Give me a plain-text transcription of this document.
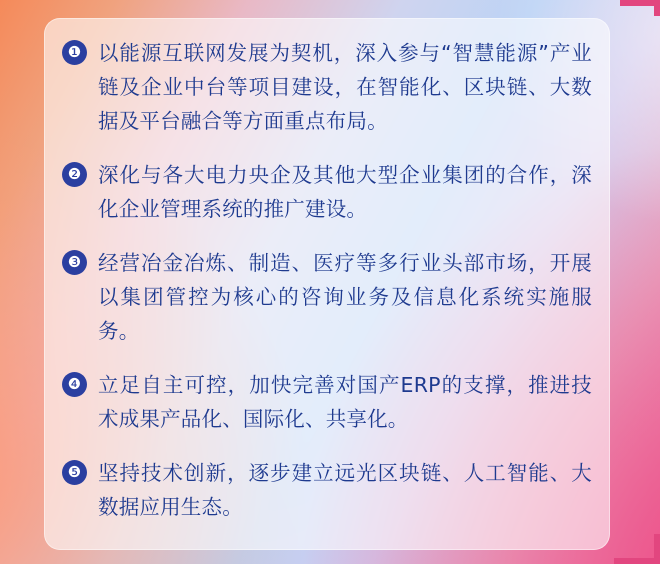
❶ 以能源互联网发展为契机，深入参与“智慧能源”产业链及企业中台等项目建设，在智能化、区块链、大数据及平台融合等方面重点布局。
❷ 深化与各大电力央企及其他大型企业集团的合作，深化企业管理系统的推广建设。
❸ 经营冶金冶炼、制造、医疗等多行业头部市场，开展以集团管控为核心的咨询业务及信息化系统实施服务。
❹ 立足自主可控，加快完善对国产ERP的支撑，推进技术成果产品化、国际化、共享化。
❺ 坚持技术创新，逐步建立远光区块链、人工智能、大数据应用生态。
